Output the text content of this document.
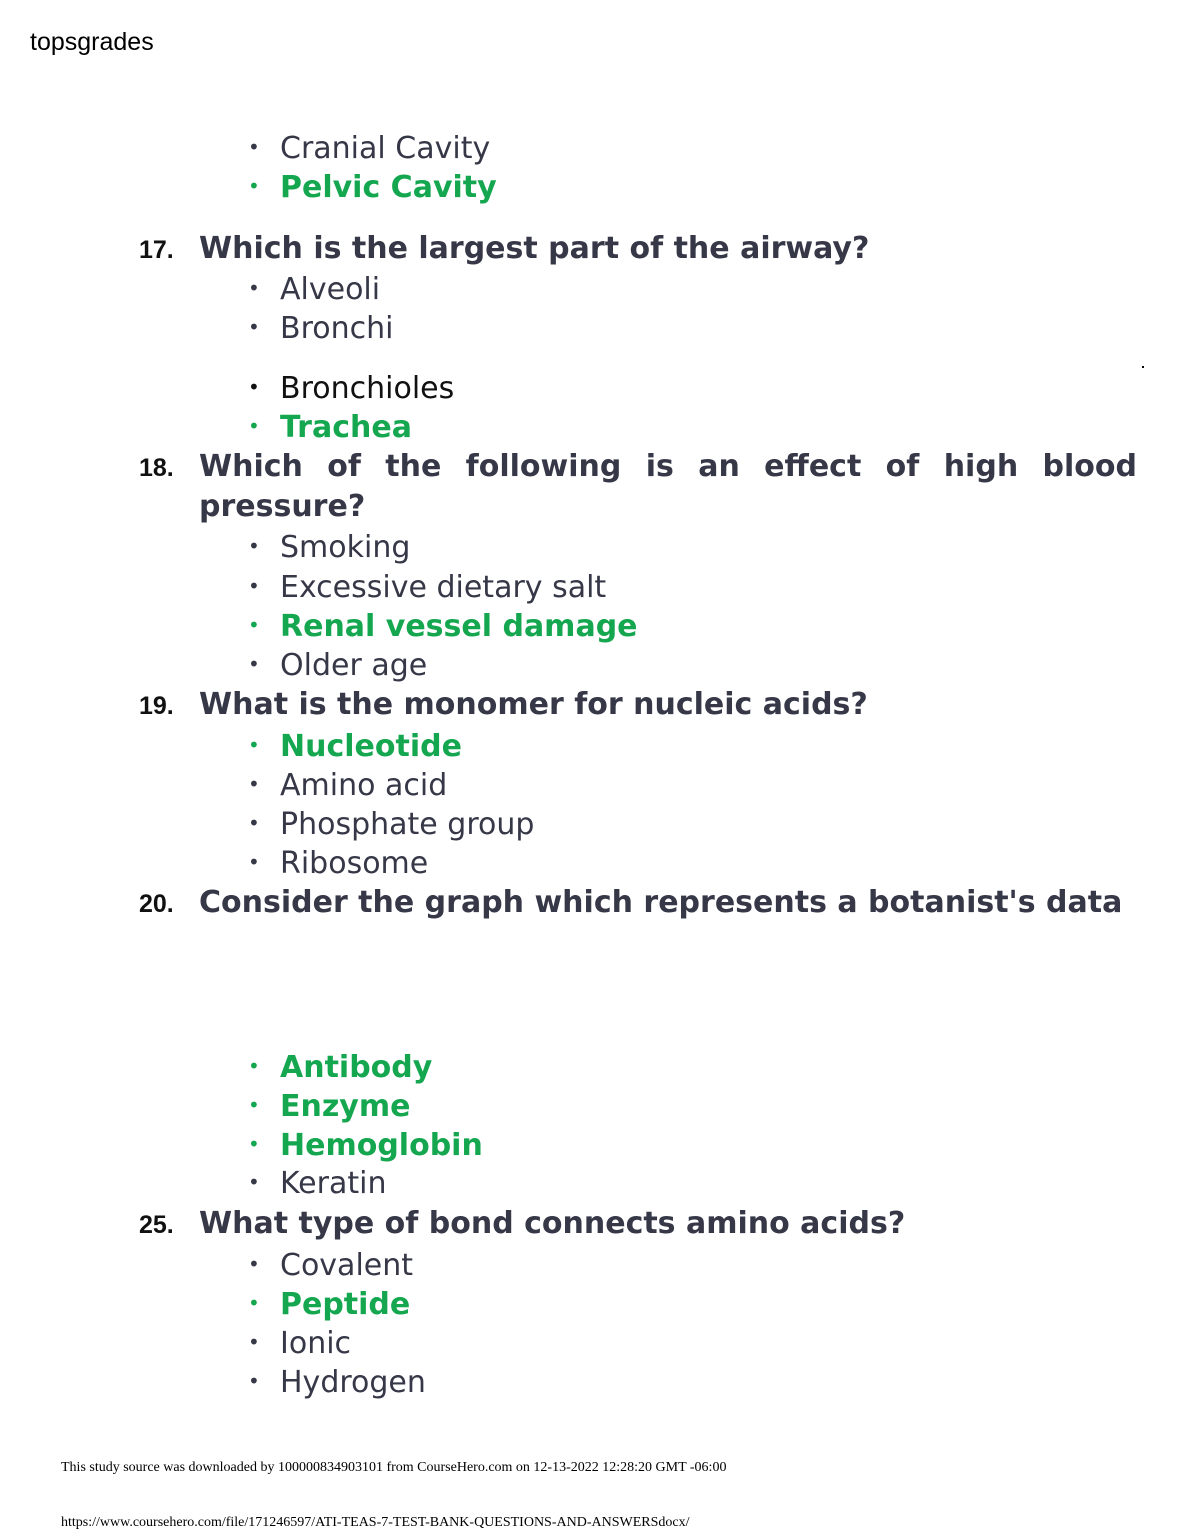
topsgrades
• Cranial Cavity
• Pelvic Cavity
17. Which is the largest part of the airway?
• Alveoli
• Bronchi
• Bronchioles
• Trachea
18. Which of the following is an effect of high blood pressure?
• Smoking
• Excessive dietary salt
• Renal vessel damage
• Older age
19. What is the monomer for nucleic acids?
• Nucleotide
• Amino acid
• Phosphate group
• Ribosome
20. Consider the graph which represents a botanist's data
• Antibody
• Enzyme
• Hemoglobin
• Keratin
25. What type of bond connects amino acids?
• Covalent
• Peptide
• Ionic
• Hydrogen
This study source was downloaded by 100000834903101 from CourseHero.com on 12-13-2022 12:28:20 GMT -06:00
https://www.coursehero.com/file/171246597/ATI-TEAS-7-TEST-BANK-QUESTIONS-AND-ANSWERSdocx/
